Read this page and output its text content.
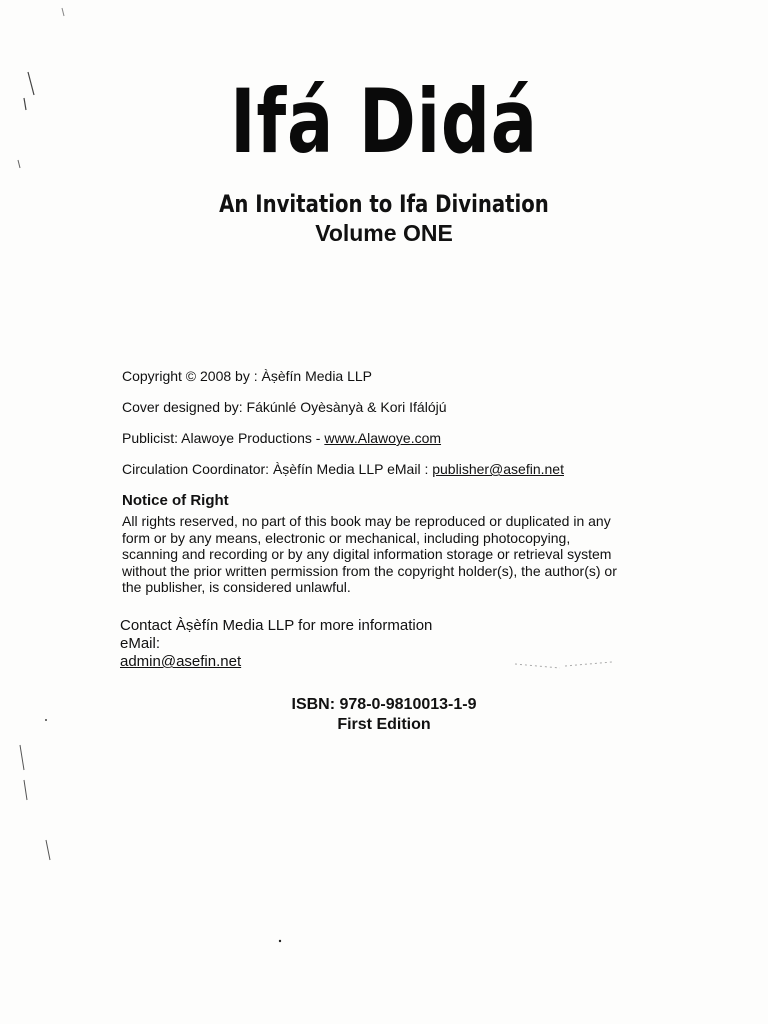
Ifá Didá
An Invitation to Ifa Divination
Volume ONE
Copyright © 2008 by : Àṣèfín Media LLP
Cover designed by: Fákúnlé Oyèsànyà & Kori Ifálójú
Publicist: Alawoye Productions - www.Alawoye.com
Circulation Coordinator: Àṣèfín Media LLP eMail : publisher@asefin.net
Notice of Right
All rights reserved, no part of this book may be reproduced or duplicated in any
form or by any means, electronic or mechanical, including photocopying,
scanning and recording or by any digital information storage or retrieval system
without the prior written permission from the copyright holder(s), the author(s) or
the publisher, is considered unlawful.
Contact Àṣèfín Media LLP for more information
eMail:
admin@asefin.net
ISBN: 978-0-9810013-1-9
First Edition
